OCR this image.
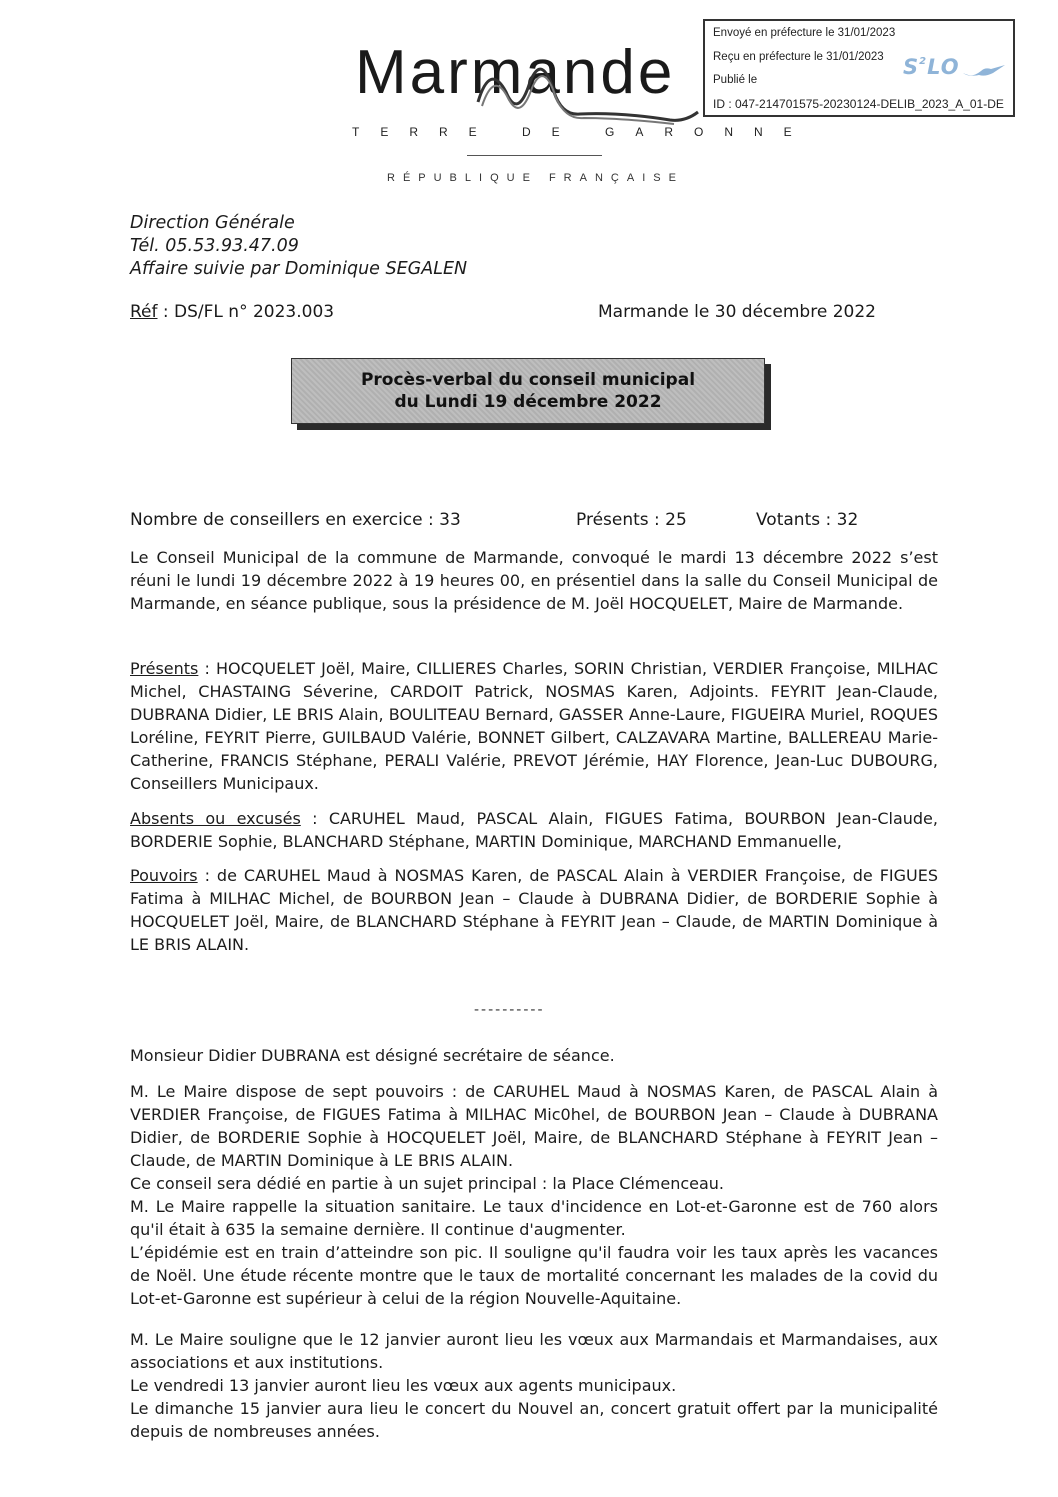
Envoyé en préfecture le 31/01/2023
Reçu en préfecture le 31/01/2023
Publié le
ID : 047-214701575-20230124-DELIB_2023_A_01-DE
$S^2LO$
Marmande
TERRE DE GARONNE
RÉPUBLIQUE FRANÇAISE
Direction Générale
Tél. 05.53.93.47.09
Affaire suivie par Dominique SEGALEN
Réf : DS/FL n° 2023.003	Marmande le 30 décembre 2022
Procès-verbal du conseil municipal
du Lundi 19 décembre 2022
Nombre de conseillers en exercice : 33	Présents : 25	Votants : 32
Le Conseil Municipal de la commune de Marmande, convoqué le mardi 13 décembre 2022 s’est réuni le lundi 19 décembre 2022 à 19 heures 00, en présentiel dans la salle du Conseil Municipal de Marmande, en séance publique, sous la présidence de M. Joël HOCQUELET, Maire de Marmande.
Présents : HOCQUELET Joël, Maire, CILLIERES Charles, SORIN Christian, VERDIER Françoise, MILHAC Michel, CHASTAING Séverine, CARDOIT Patrick, NOSMAS Karen, Adjoints. FEYRIT Jean-Claude, DUBRANA Didier, LE BRIS Alain, BOULITEAU Bernard, GASSER Anne-Laure, FIGUEIRA Muriel, ROQUES Loréline, FEYRIT Pierre, GUILBAUD Valérie, BONNET Gilbert, CALZAVARA Martine, BALLEREAU Marie-Catherine, FRANCIS Stéphane, PERALI Valérie, PREVOT Jérémie, HAY Florence, Jean-Luc DUBOURG, Conseillers Municipaux.
Absents ou excusés : CARUHEL Maud, PASCAL Alain, FIGUES Fatima, BOURBON Jean-Claude, BORDERIE Sophie, BLANCHARD Stéphane, MARTIN Dominique, MARCHAND Emmanuelle,
Pouvoirs : de CARUHEL Maud à NOSMAS Karen, de PASCAL Alain à VERDIER Françoise, de FIGUES Fatima à MILHAC Michel, de BOURBON Jean – Claude à DUBRANA Didier, de BORDERIE Sophie à HOCQUELET Joël, Maire, de BLANCHARD Stéphane à FEYRIT Jean – Claude, de MARTIN Dominique à LE BRIS ALAIN.
----------
Monsieur Didier DUBRANA est désigné secrétaire de séance.
M. Le Maire dispose de sept pouvoirs : de CARUHEL Maud à NOSMAS Karen, de PASCAL Alain à VERDIER Françoise, de FIGUES Fatima à MILHAC Mic0hel, de BOURBON Jean – Claude à DUBRANA Didier, de BORDERIE Sophie à HOCQUELET Joël, Maire, de BLANCHARD Stéphane à FEYRIT Jean – Claude, de MARTIN Dominique à LE BRIS ALAIN.
Ce conseil sera dédié en partie à un sujet principal : la Place Clémenceau.
M. Le Maire rappelle la situation sanitaire. Le taux d'incidence en Lot-et-Garonne est de 760 alors qu'il était à 635 la semaine dernière. Il continue d'augmenter.
L’épidémie est en train d’atteindre son pic. Il souligne qu'il faudra voir les taux après les vacances de Noël. Une étude récente montre que le taux de mortalité concernant les malades de la covid du Lot-et-Garonne est supérieur à celui de la région Nouvelle-Aquitaine.
M. Le Maire souligne que le 12 janvier auront lieu les vœux aux Marmandais et Marmandaises, aux associations et aux institutions.
Le vendredi 13 janvier auront lieu les vœux aux agents municipaux.
Le dimanche 15 janvier aura lieu le concert du Nouvel an, concert gratuit offert par la municipalité depuis de nombreuses années.
